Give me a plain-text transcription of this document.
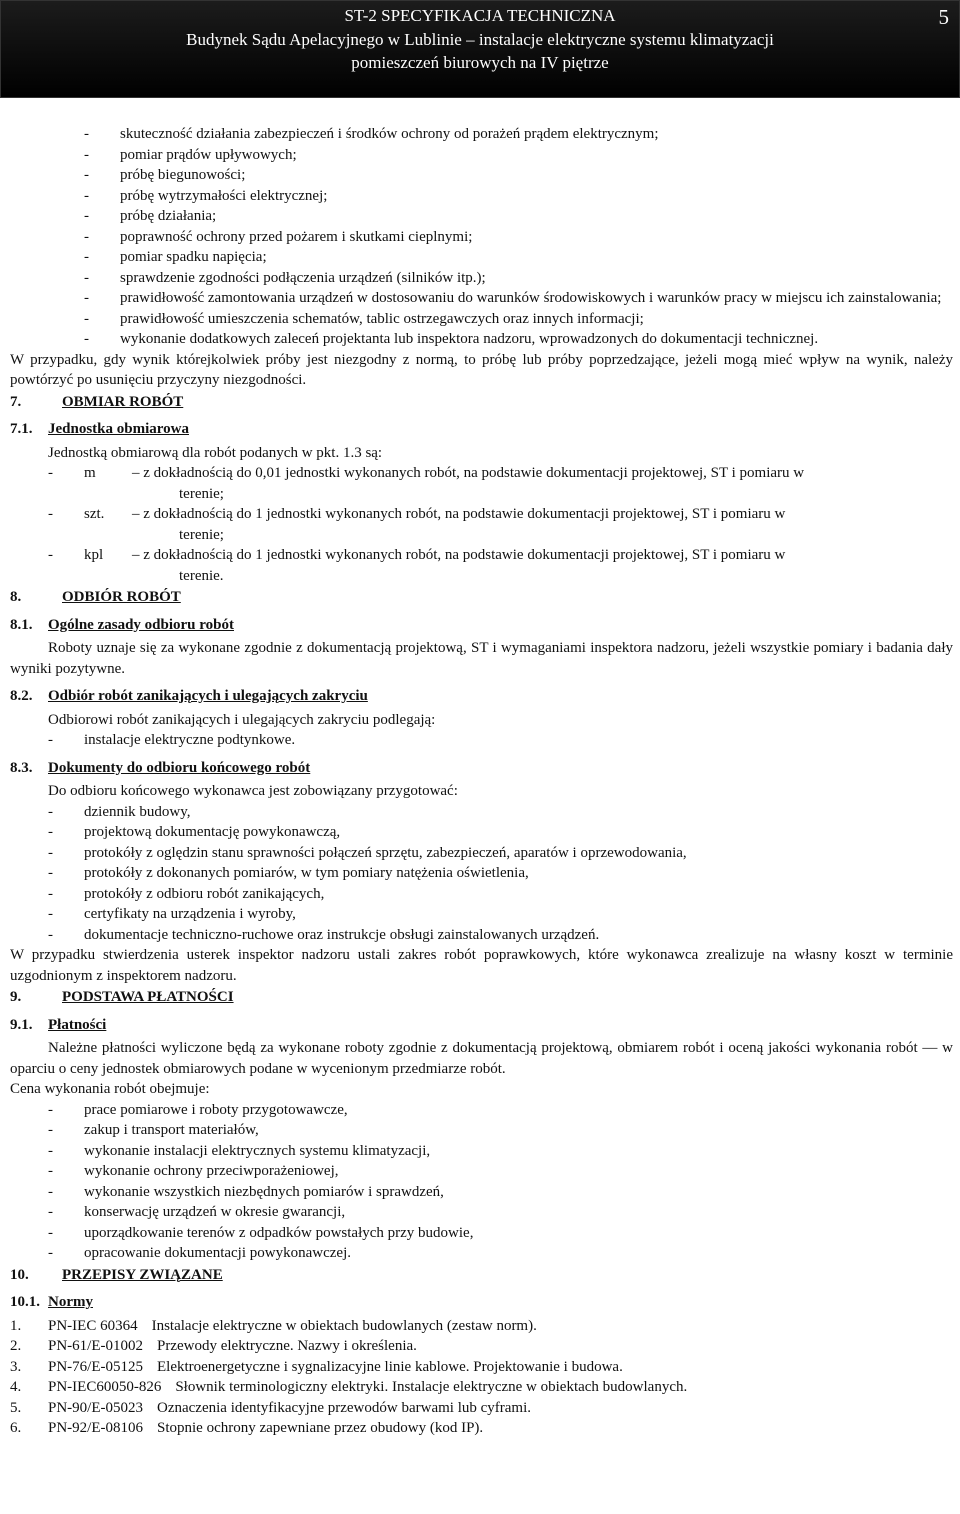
ST-2 SPECYFIKACJA TECHNICZNA
Budynek Sądu Apelacyjnego w Lublinie – instalacje elektryczne systemu klimatyzacji
pomieszczeń biurowych na IV piętrze
5
- skuteczność działania zabezpieczeń i środków ochrony od porażeń prądem elektrycznym;
- pomiar prądów upływowych;
- próbę biegunowości;
- próbę wytrzymałości elektrycznej;
- próbę działania;
- poprawność ochrony przed pożarem i skutkami cieplnymi;
- pomiar spadku napięcia;
- sprawdzenie zgodności podłączenia urządzeń (silników itp.);
- prawidłowość zamontowania urządzeń w dostosowaniu do warunków środowiskowych i warunków pracy w miejscu ich zainstalowania;
- prawidłowość umieszczenia schematów, tablic ostrzegawczych oraz innych informacji;
- wykonanie dodatkowych zaleceń projektanta lub inspektora nadzoru, wprowadzonych do dokumentacji technicznej.
W przypadku, gdy wynik którejkolwiek próby jest niezgodny z normą, to próbę lub próby poprzedzające, jeżeli mogą mieć wpływ na wynik, należy powtórzyć po usunięciu przyczyny niezgodności.
7.	OBMIAR ROBÓT
7.1. Jednostka obmiarowa
Jednostką obmiarową dla robót podanych w pkt. 1.3 są:
-	m – z dokładnością do 0,01 jednostki wykonanych robót, na podstawie dokumentacji projektowej, ST i pomiaru w
terenie;
-	szt. – z dokładnością do 1 jednostki wykonanych robót, na podstawie dokumentacji projektowej, ST i pomiaru w
terenie;
-	kpl – z dokładnością do 1 jednostki wykonanych robót, na podstawie dokumentacji projektowej, ST i pomiaru w
terenie.
8.	ODBIÓR ROBÓT
8.1. Ogólne zasady odbioru robót
Roboty uznaje się za wykonane zgodnie z dokumentacją projektową, ST i wymaganiami inspektora nadzoru, jeżeli wszystkie pomiary i badania dały wyniki pozytywne.
8.2. Odbiór robót zanikających i ulegających zakryciu
Odbiorowi robót zanikających i ulegających zakryciu podlegają:
-	instalacje elektryczne podtynkowe.
8.3. Dokumenty do odbioru końcowego robót
Do odbioru końcowego wykonawca jest zobowiązany przygotować:
-	dziennik budowy,
-	projektową dokumentację powykonawczą,
-	protokóły z oględzin stanu sprawności połączeń sprzętu, zabezpieczeń, aparatów i oprzewodowania,
-	protokóły z dokonanych pomiarów, w tym pomiary natężenia oświetlenia,
-	protokóły z odbioru robót zanikających,
-	certyfikaty na urządzenia i wyroby,
-	dokumentacje techniczno-ruchowe oraz instrukcje obsługi zainstalowanych urządzeń.
W przypadku stwierdzenia usterek inspektor nadzoru ustali zakres robót poprawkowych, które wykonawca zrealizuje na własny koszt w terminie uzgodnionym z inspektorem nadzoru.
9.	PODSTAWA PŁATNOŚCI
9.1. Płatności
Należne płatności wyliczone będą za wykonane roboty zgodnie z dokumentacją projektową, obmiarem robót i oceną jakości wykonania robót — w oparciu o ceny jednostek obmiarowych podane w wycenionym przedmiarze robót.
Cena wykonania robót obejmuje:
-	prace pomiarowe i roboty przygotowawcze,
-	zakup i transport materiałów,
-	wykonanie instalacji elektrycznych systemu klimatyzacji,
-	wykonanie ochrony przeciwporażeniowej,
-	wykonanie wszystkich niezbędnych pomiarów i sprawdzeń,
-	konserwację urządzeń w okresie gwarancji,
-	uporządkowanie terenów z odpadków powstałych przy budowie,
-	opracowanie dokumentacji powykonawczej.
10. PRZEPISY ZWIĄZANE
10.1. Normy
1. PN-IEC 60364 Instalacje elektryczne w obiektach budowlanych (zestaw norm).
2. PN-61/E-01002 Przewody elektryczne. Nazwy i określenia.
3. PN-76/E-05125 Elektroenergetyczne i sygnalizacyjne linie kablowe. Projektowanie i budowa.
4. PN-IEC60050-826 Słownik terminologiczny elektryki. Instalacje elektryczne w obiektach budowlanych.
5. PN-90/E-05023 Oznaczenia identyfikacyjne przewodów barwami lub cyframi.
6. PN-92/E-08106 Stopnie ochrony zapewniane przez obudowy (kod IP).
